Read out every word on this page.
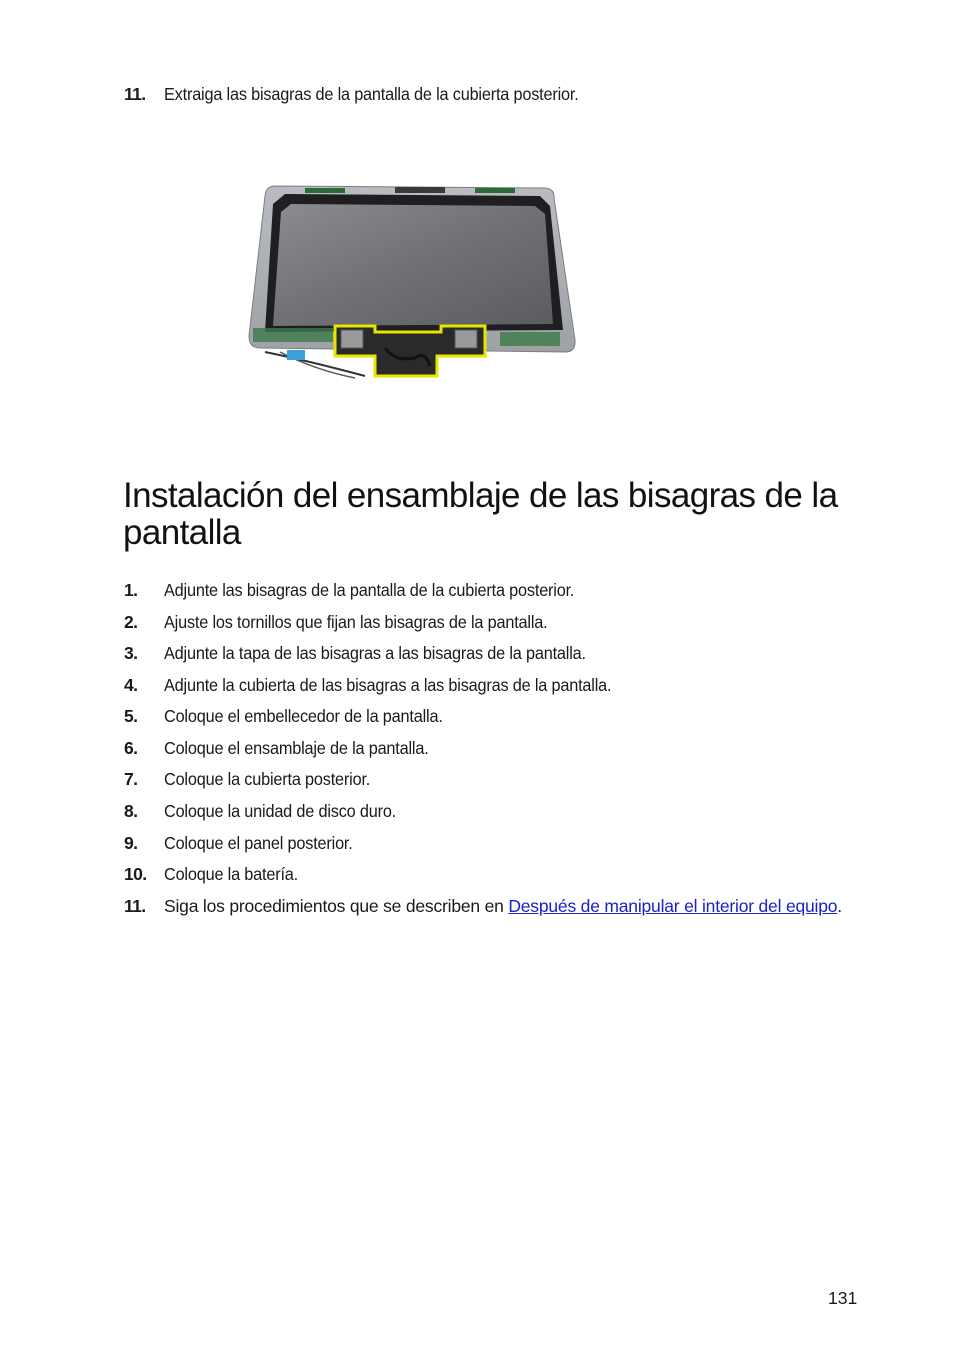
11.	Extraiga las bisagras de la pantalla de la cubierta posterior.
Instalación del ensamblaje de las bisagras de la pantalla
1.	Adjunte las bisagras de la pantalla de la cubierta posterior.
2.	Ajuste los tornillos que fijan las bisagras de la pantalla.
3.	Adjunte la tapa de las bisagras a las bisagras de la pantalla.
4.	Adjunte la cubierta de las bisagras a las bisagras de la pantalla.
5.	Coloque el embellecedor de la pantalla.
6.	Coloque el ensamblaje de la pantalla.
7.	Coloque la cubierta posterior.
8.	Coloque la unidad de disco duro.
9.	Coloque el panel posterior.
10. Coloque la batería.
11.	Siga los procedimientos que se describen en Después de manipular el interior del equipo.
131
